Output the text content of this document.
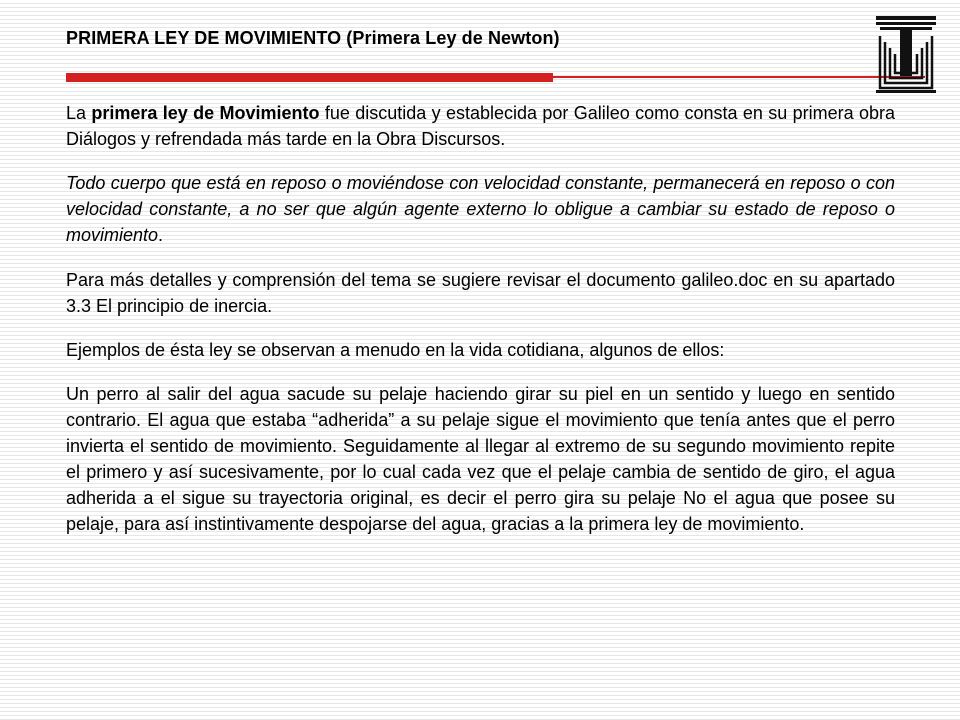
PRIMERA LEY DE MOVIMIENTO (Primera Ley de Newton)

La primera ley de Movimiento fue discutida y establecida por Galileo como consta en su primera obra Diálogos y refrendada más tarde en la Obra Discursos.

Todo cuerpo que está en reposo o moviéndose con velocidad constante, permanecerá en reposo o con velocidad constante, a no ser que algún agente externo lo obligue a cambiar su estado de reposo o movimiento.

Para más detalles y comprensión del tema se sugiere revisar el documento galileo.doc en su apartado 3.3 El principio de inercia.

Ejemplos de ésta ley se observan a menudo en la vida cotidiana, algunos de ellos:

Un perro al salir del agua sacude su pelaje haciendo girar su piel en un sentido y luego en sentido contrario. El agua que estaba “adherida” a su pelaje sigue el movimiento que tenía antes que el perro invierta el sentido de movimiento. Seguidamente al llegar al extremo de su segundo movimiento repite el primero y así sucesivamente, por lo cual cada vez que el pelaje cambia de sentido de giro, el agua adherida a el sigue su trayectoria original, es decir el perro gira su pelaje No el agua que posee su pelaje, para así instintivamente despojarse del agua, gracias a la primera ley de movimiento.
